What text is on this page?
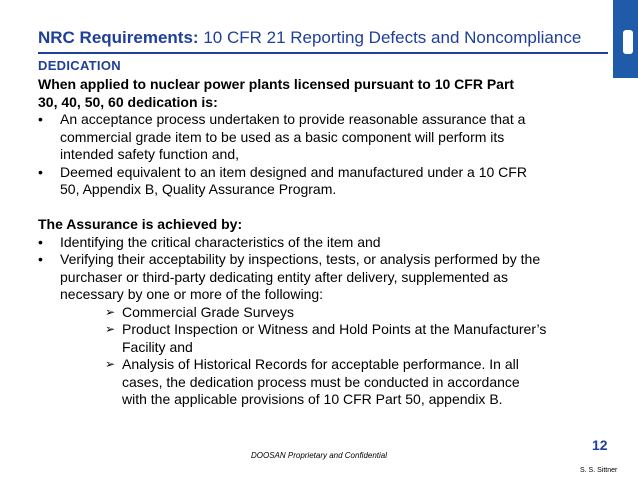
NRC Requirements: 10 CFR 21 Reporting Defects and Noncompliance
DEDICATION
When applied to nuclear power plants licensed pursuant to 10 CFR Part
30, 40, 50, 60 dedication is:
•	An acceptance process undertaken to provide reasonable assurance that a
commercial grade item to be used as a basic component will perform its
intended safety function and,
•	Deemed equivalent to an item designed and manufactured under a 10 CFR
50, Appendix B, Quality Assurance Program.
The Assurance is achieved by:
•	Identifying the critical characteristics of the item and
•	Verifying their acceptability by inspections, tests, or analysis performed by the
purchaser or third-party dedicating entity after delivery, supplemented as
necessary by one or more of the following:
➢ Commercial Grade Surveys
➢ Product Inspection or Witness and Hold Points at the Manufacturer’s
Facility and
➢ Analysis of Historical Records for acceptable performance. In all
cases, the dedication process must be conducted in accordance
with the applicable provisions of 10 CFR Part 50, appendix B.
12
DOOSAN Proprietary and Confidential
S. S. Sittner
